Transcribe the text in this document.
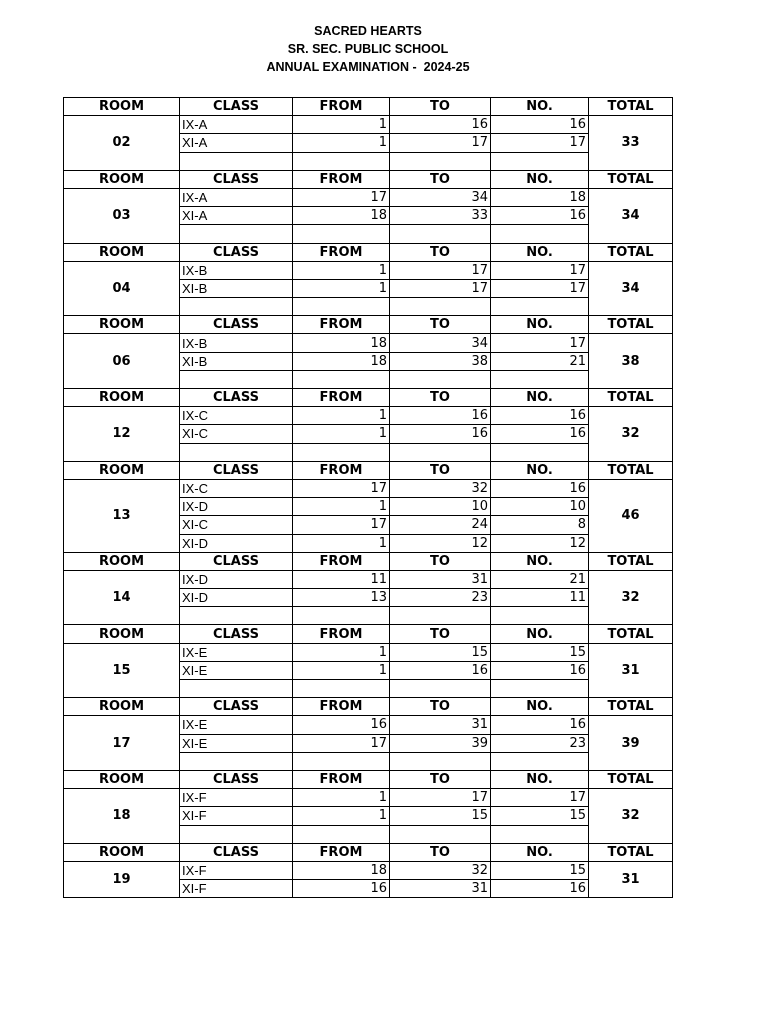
SACRED HEARTS
SR. SEC. PUBLIC SCHOOL
ANNUAL EXAMINATION -  2024-25
ROOM	CLASS	FROM	TO	NO.	TOTAL
02	IX-A	1	16	16	33
	XI-A	1	17	17	

ROOM	CLASS	FROM	TO	NO.	TOTAL
03	IX-A	17	34	18	34
	XI-A	18	33	16	

ROOM	CLASS	FROM	TO	NO.	TOTAL
04	IX-B	1	17	17	34
	XI-B	1	17	17	

ROOM	CLASS	FROM	TO	NO.	TOTAL
06	IX-B	18	34	17	38
	XI-B	18	38	21	

ROOM	CLASS	FROM	TO	NO.	TOTAL
12	IX-C	1	16	16	32
	XI-C	1	16	16	

ROOM	CLASS	FROM	TO	NO.	TOTAL
13	IX-C	17	32	16	46
	IX-D	1	10	10	
	XI-C	17	24	8	
	XI-D	1	12	12	
ROOM	CLASS	FROM	TO	NO.	TOTAL
14	IX-D	11	31	21	32
	XI-D	13	23	11	

ROOM	CLASS	FROM	TO	NO.	TOTAL
15	IX-E	1	15	15	31
	XI-E	1	16	16	

ROOM	CLASS	FROM	TO	NO.	TOTAL
17	IX-E	16	31	16	39
	XI-E	17	39	23	

ROOM	CLASS	FROM	TO	NO.	TOTAL
18	IX-F	1	17	17	32
	XI-F	1	15	15	

ROOM	CLASS	FROM	TO	NO.	TOTAL
19	IX-F	18	32	15	31
	XI-F	16	31	16	
